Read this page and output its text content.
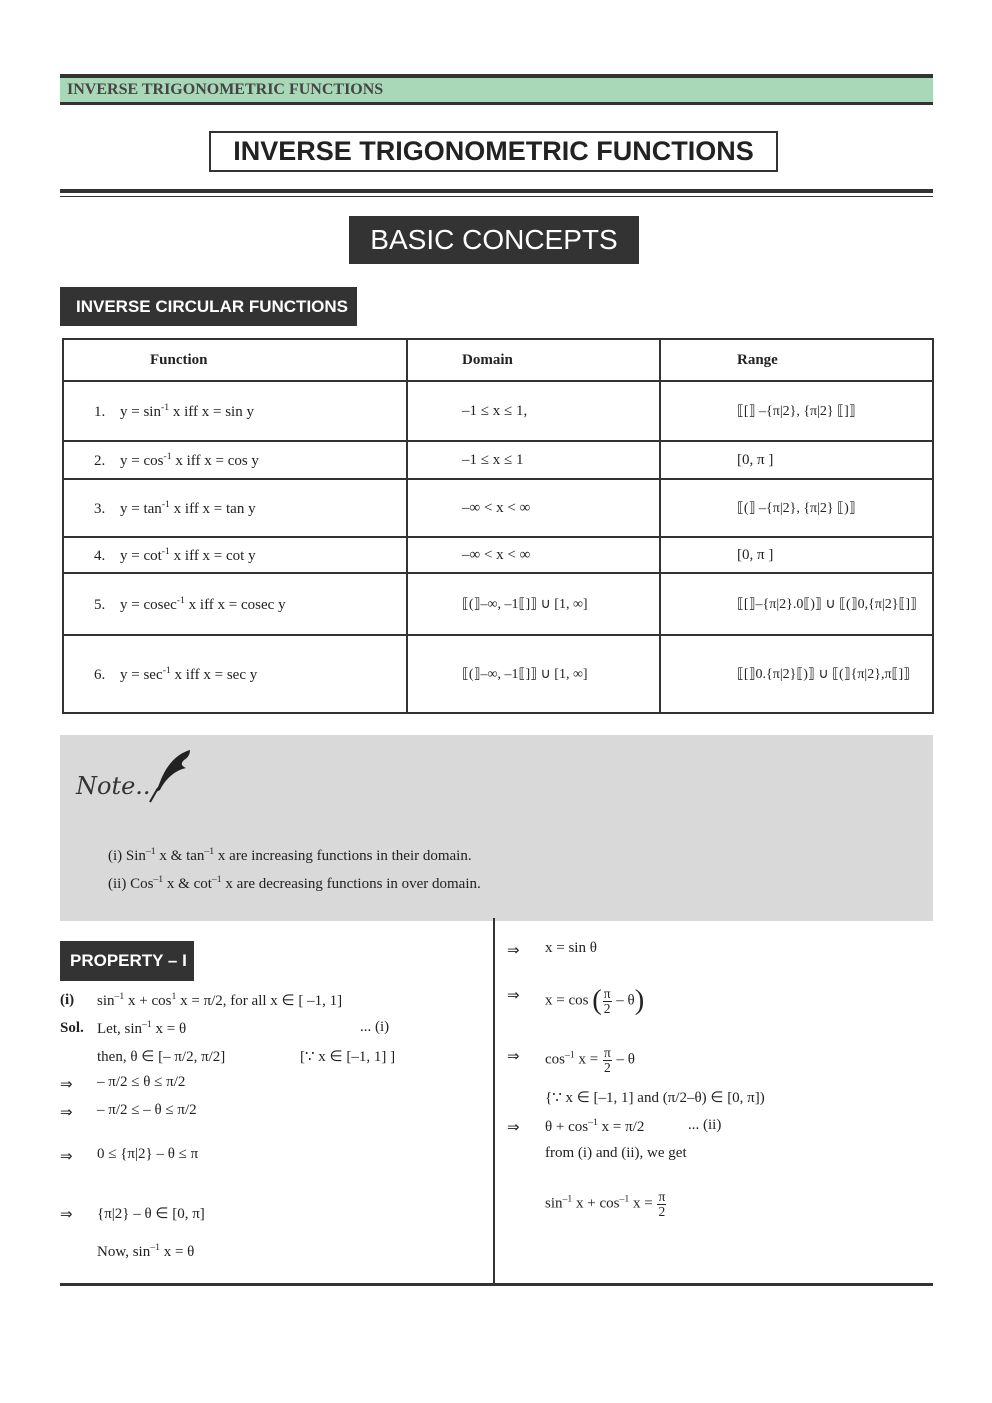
INVERSE TRIGONOMETRIC FUNCTIONS
INVERSE TRIGONOMETRIC FUNCTIONS
BASIC CONCEPTS
INVERSE CIRCULAR FUNCTIONS
Function	Domain	Range
1. $y = \sin^{-1} x$ iff x = sin y	–1 ≤ x ≤ 1,	⟦[⟧ –{π|2}, {π|2} ⟦]⟧
2. $y = \cos^{-1} x$ iff x = cos y	–1 ≤ x ≤ 1	[0, π ]
3. $y = \tan^{-1} x$ iff x = tan y	–∞ < x < ∞	⟦(⟧ –{π|2}, {π|2} ⟦)⟧
4. $y = \cot^{-1} x$ iff x = cot y	–∞ < x < ∞	[0, π ]
5. y = cosec$^{-1}$ x iff x = cosec y	⟦(⟧–∞, –1⟦]⟧ ∪ [1, ∞]	⟦[⟧–{π|2}.0⟦)⟧ ∪ ⟦(⟧0,{π|2}⟦]⟧
6. $y = \sec^{-1} x$ iff x = sec y	⟦(⟧–∞, –1⟦]⟧ ∪ [1, ∞]	⟦[⟧0.{π|2}⟦)⟧ ∪ ⟦(⟧{π|2},π⟦]⟧
Note..
(i) Sin$^{-1}$ x & $\tan^{-1} x$ are increasing functions in their domain.
(ii) Cos$^{-1}$ x & $\cot^{-1} x$ are decreasing functions in over domain.
PROPERTY – I
(i) $\sin^{-1} x + \cos^1 x = \pi/2$, for all x ∈ [ –1, 1]
Sol. Let, $\sin^{-1} x = \theta$	... (i)
then, θ ∈ [– π/2, π/2]	[∵ x ∈ [–1, 1] ]
⇒ – π/2 ≤ θ ≤ π/2
⇒ – π/2 ≤ – θ ≤ π/2
⇒ 0 ≤ {π|2} – θ ≤ π
⇒ {π|2} – θ ∈ [0, π]
Now, $\sin^{-1} x = \theta$
⇒ x = sin θ
⇒ x = cos ( $\frac{\pi}{2} - \theta$)
⇒ $\cos^{-1} x = \frac{\pi}{2} - \theta$
{∵ x ∈ [–1, 1] and (π/2–θ) ∈ [0, π])
⇒ $\theta + \cos^{-1} x = \pi/2$	... (ii)
from (i) and (ii), we get
$\sin^{-1} x + \cos^{-1} x = \frac{\pi}{2}$
